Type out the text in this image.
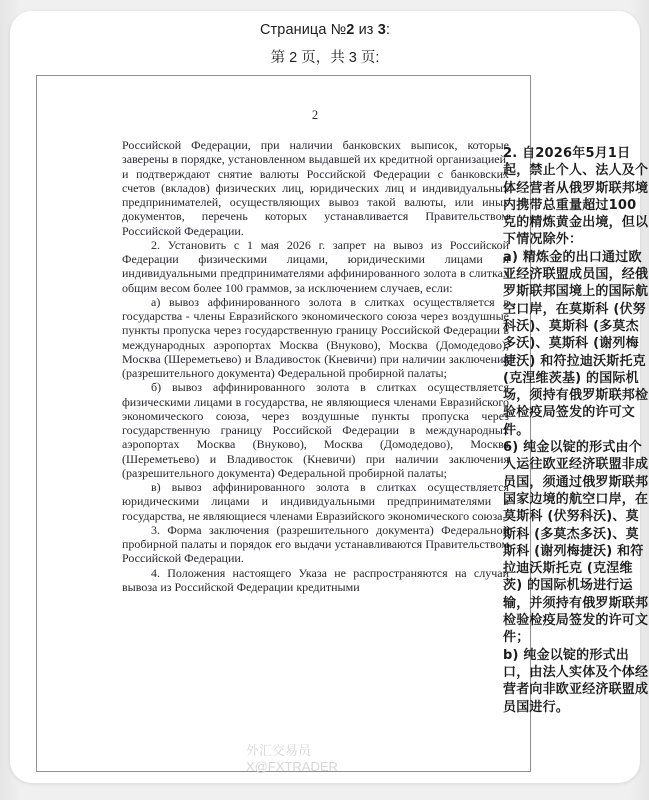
Страница №2 из 3:
第 2 页，共 3 页:
2

Российской Федерации, при наличии банковских выписок, которые заверены в порядке, установленном выдавшей их кредитной организацией, и подтверждают снятие валюты Российской Федерации с банковских счетов (вкладов) физических лиц, юридических лиц и индивидуальных предпринимателей, осуществляющих вывоз такой валюты, или иных документов, перечень которых устанавливается Правительством Российской Федерации.

2. Установить с 1 мая 2026 г. запрет на вывоз из Российской Федерации физическими лицами, юридическими лицами и индивидуальными предпринимателями аффинированного золота в слитках общим весом более 100 граммов, за исключением случаев, если:

а) вывоз аффинированного золота в слитках осуществляется в государства - члены Евразийского экономического союза через воздушные пункты пропуска через государственную границу Российской Федерации в международных аэропортах Москва (Внуково), Москва (Домодедово), Москва (Шереметьево) и Владивосток (Кневичи) при наличии заключения (разрешительного документа) Федеральной пробирной палаты;

б) вывоз аффинированного золота в слитках осуществляется физическими лицами в государства, не являющиеся членами Евразийского экономического союза, через воздушные пункты пропуска через государственную границу Российской Федерации в международных аэропортах Москва (Внуково), Москва (Домодедово), Москва (Шереметьево) и Владивосток (Кневичи) при наличии заключения (разрешительного документа) Федеральной пробирной палаты;

в) вывоз аффинированного золота в слитках осуществляется юридическими лицами и индивидуальными предпринимателями в государства, не являющиеся членами Евразийского экономического союза.

3. Форма заключения (разрешительного документа) Федеральной пробирной палаты и порядок его выдачи устанавливаются Правительством Российской Федерации.

4. Положения настоящего Указа не распространяются на случаи вывоза из Российской Федерации кредитными

2. 自2026年5月1日起，禁止个人、法人及个体经营者从俄罗斯联邦境内携带总重量超过100克的精炼黄金出境，但以下情况除外：

a) 精炼金的出口通过欧亚经济联盟成员国，经俄罗斯联邦国境上的国际航空口岸，在莫斯科 (伏努科沃)、莫斯科 (多莫杰多沃)、莫斯科 (谢列梅捷沃) 和符拉迪沃斯托克 (克涅维茨基) 的国际机场，须持有俄罗斯联邦检验检疫局签发的许可文件。

6) 纯金以锭的形式由个人运往欧亚经济联盟非成员国，须通过俄罗斯联邦国家边境的航空口岸，在莫斯科 (伏努科沃)、莫斯科 (多莫杰多沃)、莫斯科 (谢列梅捷沃) 和符拉迪沃斯托克 (克涅维茨) 的国际机场进行运输，并须持有俄罗斯联邦检验检疫局签发的许可文件；

b) 纯金以锭的形式出口，由法人实体及个体经营者向非欧亚经济联盟成员国进行。

外汇交易员
X@FXTRADER
